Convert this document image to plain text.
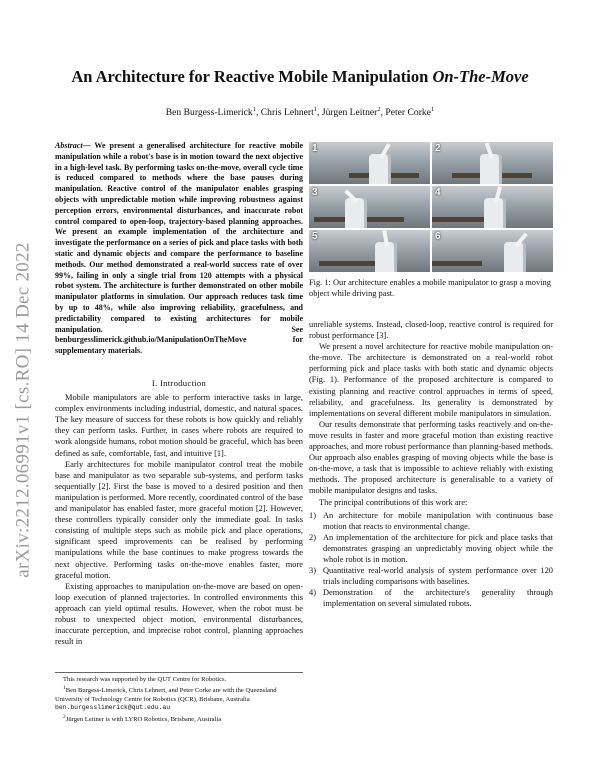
arXiv:2212.06991v1 [cs.RO] 14 Dec 2022
An Architecture for Reactive Mobile Manipulation On-The-Move
Ben Burgess-Limerick$^1$, Chris Lehnert$^1$, Jürgen Leitner$^2$, Peter Corke$^1$
Abstract— We present a generalised architecture for reactive mobile manipulation while a robot's base is in motion toward the next objective in a high-level task. By performing tasks on-the-move, overall cycle time is reduced compared to methods where the base pauses during manipulation. Reactive control of the manipulator enables grasping objects with unpredictable motion while improving robustness against perception errors, environmental disturbances, and inaccurate robot control compared to open-loop, trajectory-based planning approaches. We present an example implementation of the architecture and investigate the performance on a series of pick and place tasks with both static and dynamic objects and compare the performance to baseline methods. Our method demonstrated a real-world success rate of over 99%, failing in only a single trial from 120 attempts with a physical robot system. The architecture is further demonstrated on other mobile manipulator platforms in simulation. Our approach reduces task time by up to 48%, while also improving reliability, gracefulness, and predictability compared to existing architectures for mobile manipulation. See benburgesslimerick.github.io/ManipulationOnTheMove for supplementary materials.
I. Introduction

Mobile manipulators are able to perform interactive tasks in large, complex environments including industrial, domestic, and natural spaces. The key measure of success for these robots is how quickly and reliably they can perform tasks. Further, in cases where robots are required to work alongside humans, robot motion should be graceful, which has been defined as safe, comfortable, fast, and intuitive [1].

Early architectures for mobile manipulator control treat the mobile base and manipulator as two separable sub-systems, and perform tasks sequentially [2]. First the base is moved to a desired position and then manipulation is performed. More recently, coordinated control of the base and manipulator has enabled faster, more graceful motion [2]. However, these controllers typically consider only the immediate goal. In tasks consisting of multiple steps such as mobile pick and place operations, significant speed improvements can be realised by performing manipulations while the base continues to make progress towards the next objective. Performing tasks on-the-move enables faster, more graceful motion.

Existing approaches to manipulation on-the-move are based on open-loop execution of planned trajectories. In controlled environments this approach can yield optimal results. However, when the robot must be robust to unexpected object motion, environmental disturbances, inaccurate perception, and imprecise robot control, planning approaches result in

1	2
3	4
5	6
Fig. 1: Our architecture enables a mobile manipulator to grasp a moving object while driving past.

unreliable systems. Instead, closed-loop, reactive control is required for robust performance [3].

We present a novel architecture for reactive mobile manipulation on-the-move. The architecture is demonstrated on a real-world robot performing pick and place tasks with both static and dynamic objects (Fig. 1). Performance of the proposed architecture is compared to existing planning and reactive control approaches in terms of speed, reliability, and gracefulness. Its generality is demonstrated by implementations on several different mobile manipulators in simulation.

Our results demonstrate that performing tasks reactively and on-the-move results in faster and more graceful motion than existing reactive approaches, and more robust performance than planning-based methods. Our approach also enables grasping of moving objects while the base is on-the-move, a task that is impossible to achieve reliably with existing methods. The proposed architecture is generalisable to a variety of mobile manipulator designs and tasks.

The principal contributions of this work are:

1) An architecture for mobile manipulation with continuous base motion that reacts to environmental change.
2) An implementation of the architecture for pick and place tasks that demonstrates grasping an unpredictably moving object while the whole robot is in motion.
3) Quantitative real-world analysis of system performance over 120 trials including comparisons with baselines.
4) Demonstration of the architecture's generality through implementation on several simulated robots.

This research was supported by the QUT Centre for Robotics.

$^1$Ben Burgess-Limerick, Chris Lehnert, and Peter Corke are with the Queensland University of Technology Centre for Robotics (QCR), Brisbane, Australia ben.burgesslimerick@qut.edu.au

$^2$Jürgen Leitner is with LYRO Robotics, Brisbane, Australia
